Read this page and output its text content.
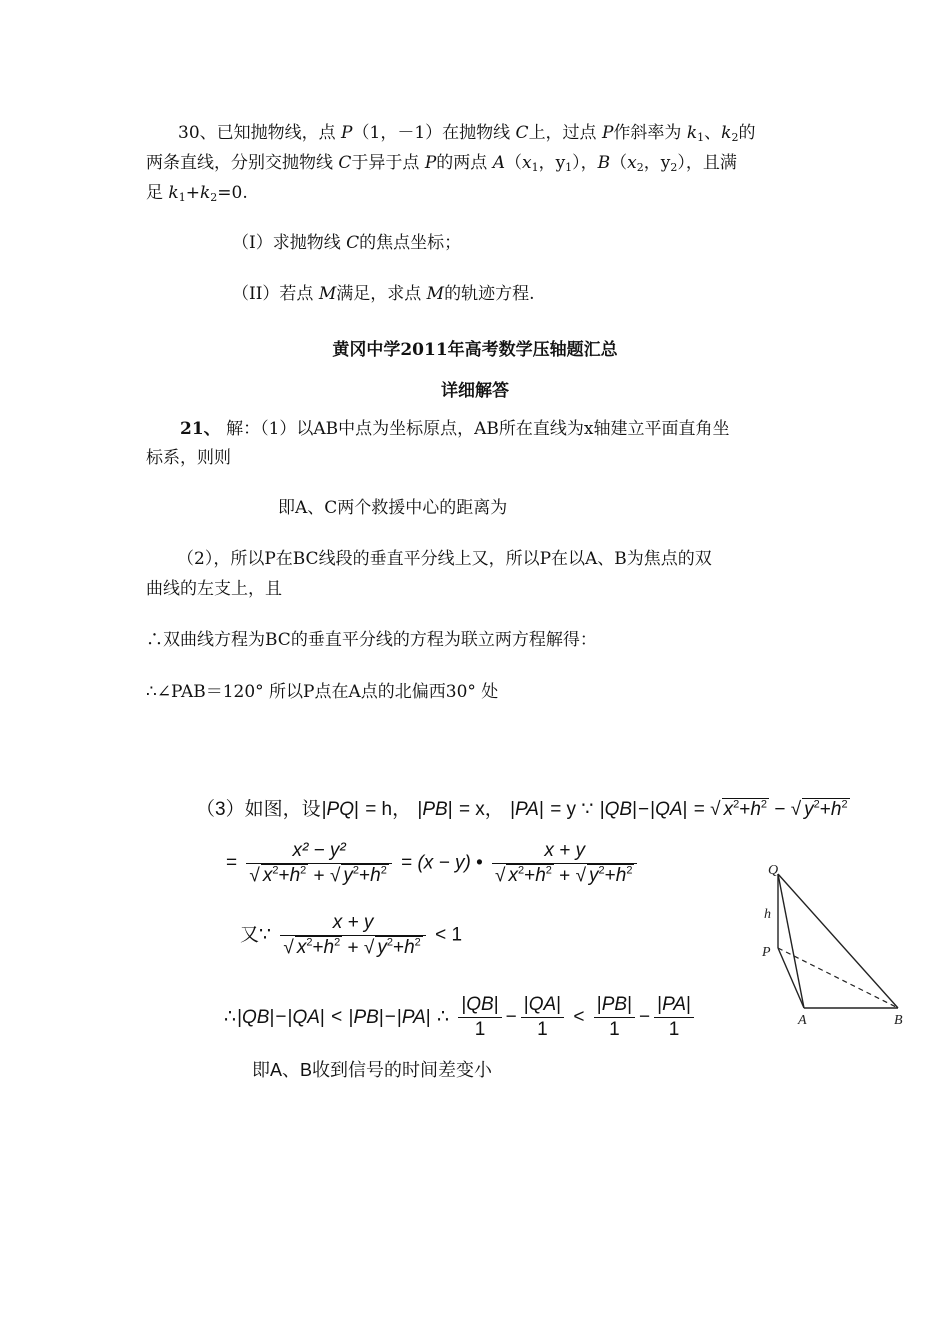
30、已知抛物线，点 P（1，－1）在抛物线 C上，过点 P作斜率为 $k_1$、$k_2$的
两条直线，分别交抛物线 C于异于点 P的两点 $A(x_1$，$y_1$），$B(x_2$，$y_2$），且满
足 $k_1+k_2=0$.
（I）求抛物线 C的焦点坐标；
（II）若点 M满足，求点 M的轨迹方程.
黄冈中学2011年高考数学压轴题汇总
详细解答
21、 解：（1）以AB中点为坐标原点，AB所在直线为x轴建立平面直角坐
标系，则则
即A、C两个救援中心的距离为
（2），所以P在BC线段的垂直平分线上又，所以P在以A、B为焦点的双
曲线的左支上，且
∴双曲线方程为BC的垂直平分线的方程为联立两方程解得：
∴∠PAB＝120° 所以P点在A点的北偏西30° 处
（3）如图，设|PQ| = h， |PB| = x， |PA| = y ∵ |QB|−|QA| = √ $x^2+h^2$ − √ $y^2+h^2$
= $\frac{\text{x² − y²}}{√ x^2+h^2 + √ y^2+h^2} = (x - y)$ • $\frac{x + y}{√ x^2+h^2 + √ y^2+h^2}$
又∵ $\frac{x + y}{√ x^2+h^2 + √ y^2+h^2} < 1$
∴|QB|−|QA| < |PB|−|PA| ∴ $\frac{|QB|}{1} - \frac{|QA|}{1} < \frac{|PB|}{1} - \frac{|PA|}{1}$
即A、B收到信号的时间差变小
Q
h
P
A	B
